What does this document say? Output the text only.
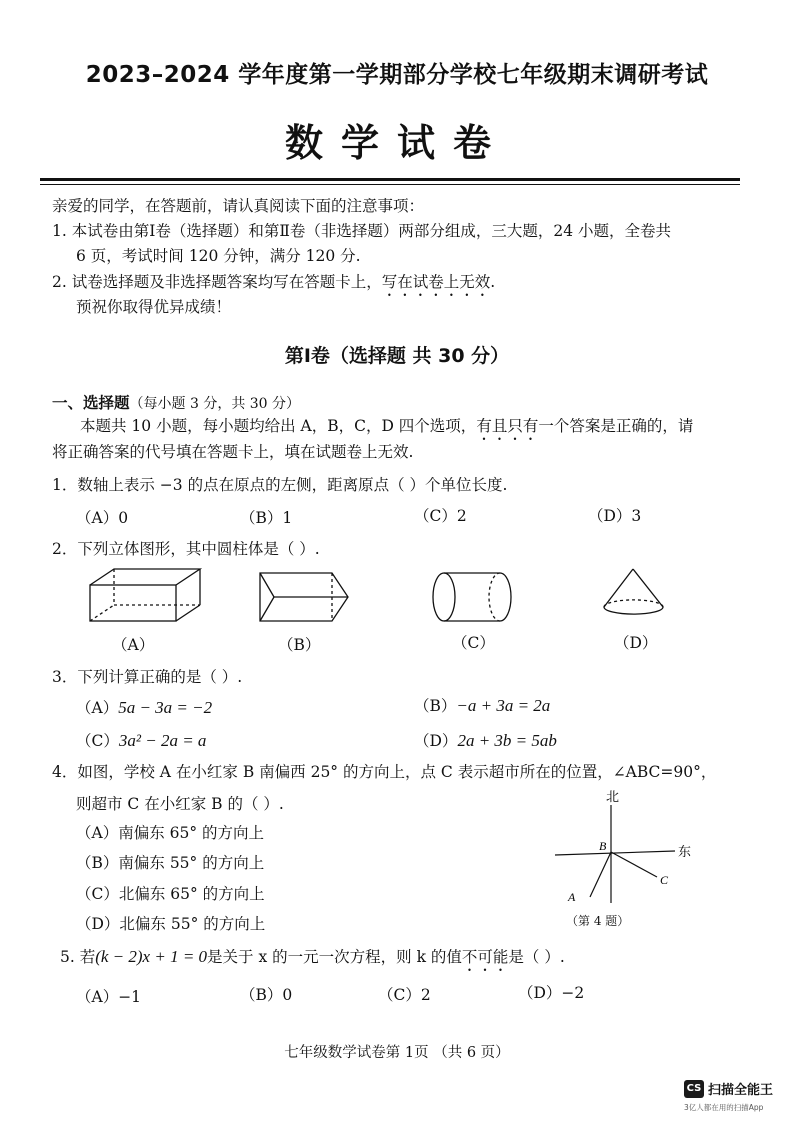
2023–2024 学年度第一学期部分学校七年级期末调研考试
数学试卷
亲爱的同学，在答题前，请认真阅读下面的注意事项：
1. 本试卷由第Ⅰ卷（选择题）和第Ⅱ卷（非选择题）两部分组成，三大题，24 小题，全卷共
6 页，考试时间 120 分钟，满分 120 分.
2. 试卷选择题及非选择题答案均写在答题卡上，写在试卷上无效.
预祝你取得优异成绩！
第Ⅰ卷（选择题 共 30 分）
一、选择题（每小题 3 分，共 30 分）
本题共 10 小题，每小题均给出 A，B，C，D 四个选项，有且只有一个答案是正确的，请
将正确答案的代号填在答题卡上，填在试题卷上无效.
1．数轴上表示 −3 的点在原点的左侧，距离原点（ ）个单位长度.
（A）0	（B）1	（C）2	（D）3
2．下列立体图形，其中圆柱体是（ ）.
（A）	（B）	（C）	（D）
3．下列计算正确的是（ ）.
（A）5a − 3a = −2	（B）−a + 3a = 2a
（C）3a² − 2a = a	（D）2a + 3b = 5ab
4．如图，学校 A 在小红家 B 南偏西 25° 的方向上，点 C 表示超市所在的位置，∠ABC=90°，
则超市 C 在小红家 B 的（ ）.
（A）南偏东 65° 的方向上
（B）南偏东 55° 的方向上
（C）北偏东 65° 的方向上
（D）北偏东 55° 的方向上
北
东
B
A
C
（第 4 题）
5. 若(k − 2)x + 1 = 0是关于 x 的一元一次方程，则 k 的值不可能是（ ）.
（A）−1	（B）0	（C）2	（D）−2
七年级数学试卷第 1页 （共 6 页）
CS 扫描全能王
3亿人都在用的扫描App
